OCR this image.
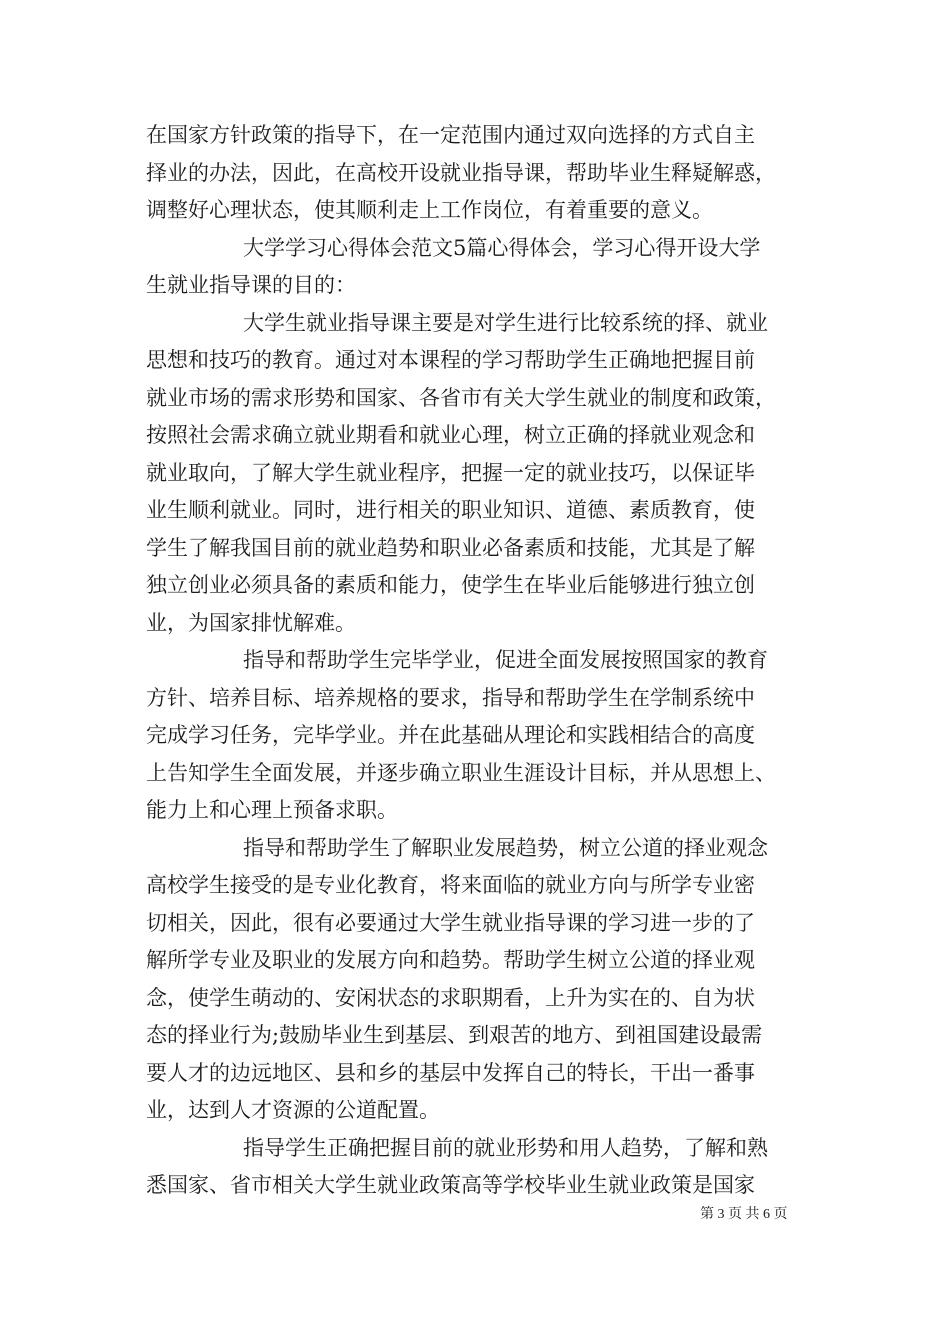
在国家方针政策的指导下，在一定范围内通过双向选择的方式自主
择业的办法，因此，在高校开设就业指导课，帮助毕业生释疑解惑，
调整好心理状态，使其顺利走上工作岗位，有着重要的意义。
大学学习心得体会范文5篇心得体会，学习心得开设大学
生就业指导课的目的：
大学生就业指导课主要是对学生进行比较系统的择、就业
思想和技巧的教育。通过对本课程的学习帮助学生正确地把握目前
就业市场的需求形势和国家、各省市有关大学生就业的制度和政策，
按照社会需求确立就业期看和就业心理，树立正确的择就业观念和
就业取向，了解大学生就业程序，把握一定的就业技巧，以保证毕
业生顺利就业。同时，进行相关的职业知识、道德、素质教育，使
学生了解我国目前的就业趋势和职业必备素质和技能，尤其是了解
独立创业必须具备的素质和能力，使学生在毕业后能够进行独立创
业，为国家排忧解难。
指导和帮助学生完毕学业，促进全面发展按照国家的教育
方针、培养目标、培养规格的要求，指导和帮助学生在学制系统中
完成学习任务，完毕学业。并在此基础从理论和实践相结合的高度
上告知学生全面发展，并逐步确立职业生涯设计目标，并从思想上、
能力上和心理上预备求职。
指导和帮助学生了解职业发展趋势，树立公道的择业观念
高校学生接受的是专业化教育，将来面临的就业方向与所学专业密
切相关，因此，很有必要通过大学生就业指导课的学习进一步的了
解所学专业及职业的发展方向和趋势。帮助学生树立公道的择业观
念，使学生萌动的、安闲状态的求职期看，上升为实在的、自为状
态的择业行为;鼓励毕业生到基层、到艰苦的地方、到祖国建设最需
要人才的边远地区、县和乡的基层中发挥自己的特长，干出一番事
业，达到人才资源的公道配置。
指导学生正确把握目前的就业形势和用人趋势，了解和熟
悉国家、省市相关大学生就业政策高等学校毕业生就业政策是国家
第 3 页 共 6 页
